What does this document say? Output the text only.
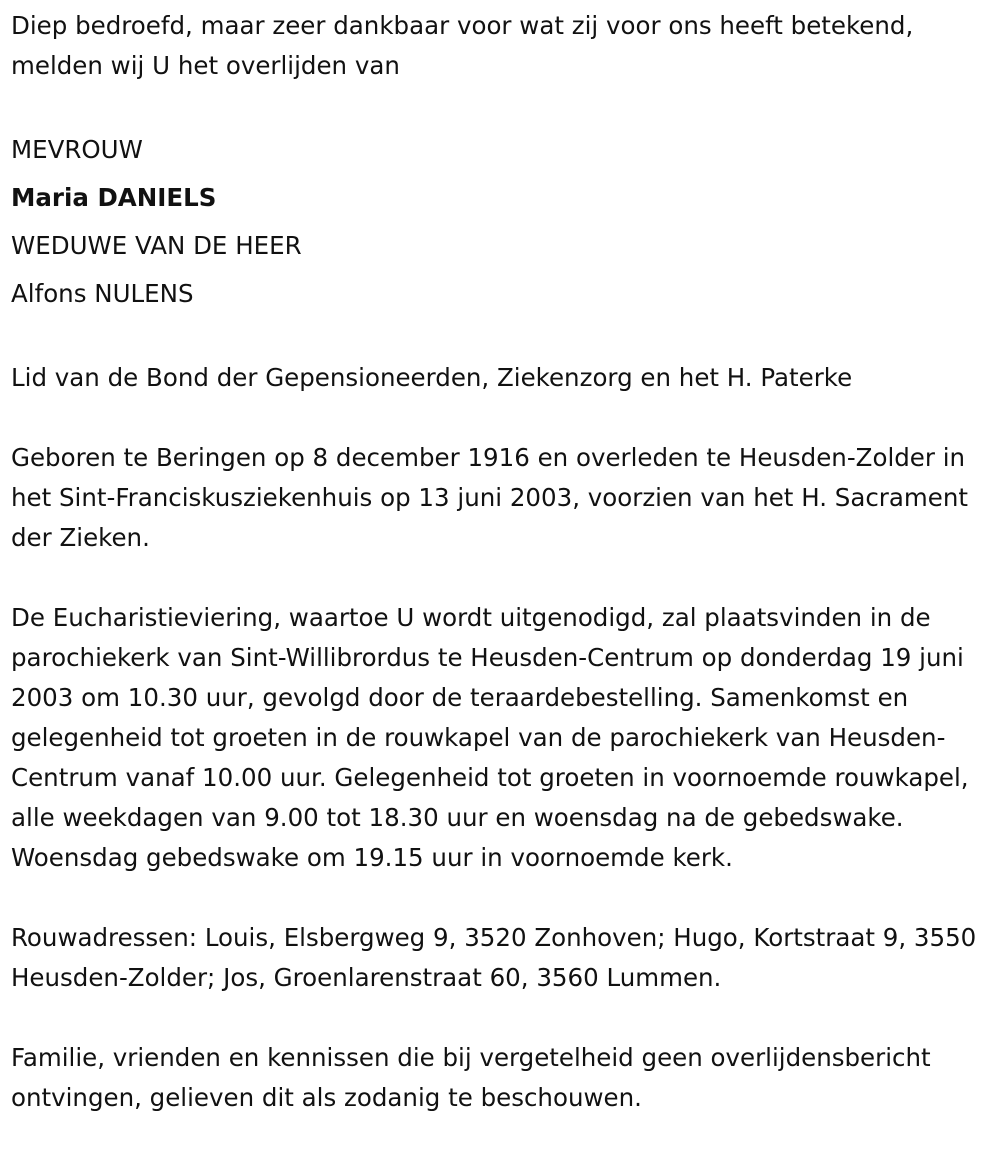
Diep bedroefd, maar zeer dankbaar voor wat zij voor ons heeft betekend, melden wij U het overlijden van

MEVROUW
Maria DANIELS
WEDUWE VAN DE HEER
Alfons NULENS

Lid van de Bond der Gepensioneerden, Ziekenzorg en het H. Paterke

Geboren te Beringen op 8 december 1916 en overleden te Heusden-Zolder in het Sint-Franciskusziekenhuis op 13 juni 2003, voorzien van het H. Sacrament der Zieken.

De Eucharistieviering, waartoe U wordt uitgenodigd, zal plaatsvinden in de parochiekerk van Sint-Willibrordus te Heusden-Centrum op donderdag 19 juni 2003 om 10.30 uur, gevolgd door de teraardebestelling. Samenkomst en gelegenheid tot groeten in de rouwkapel van de parochiekerk van Heusden-Centrum vanaf 10.00 uur. Gelegenheid tot groeten in voornoemde rouwkapel, alle weekdagen van 9.00 tot 18.30 uur en woensdag na de gebedswake. Woensdag gebedswake om 19.15 uur in voornoemde kerk.

Rouwadressen: Louis, Elsbergweg 9, 3520 Zonhoven; Hugo, Kortstraat 9, 3550 Heusden-Zolder; Jos, Groenlarenstraat 60, 3560 Lummen.

Familie, vrienden en kennissen die bij vergetelheid geen overlijdensbericht ontvingen, gelieven dit als zodanig te beschouwen.
